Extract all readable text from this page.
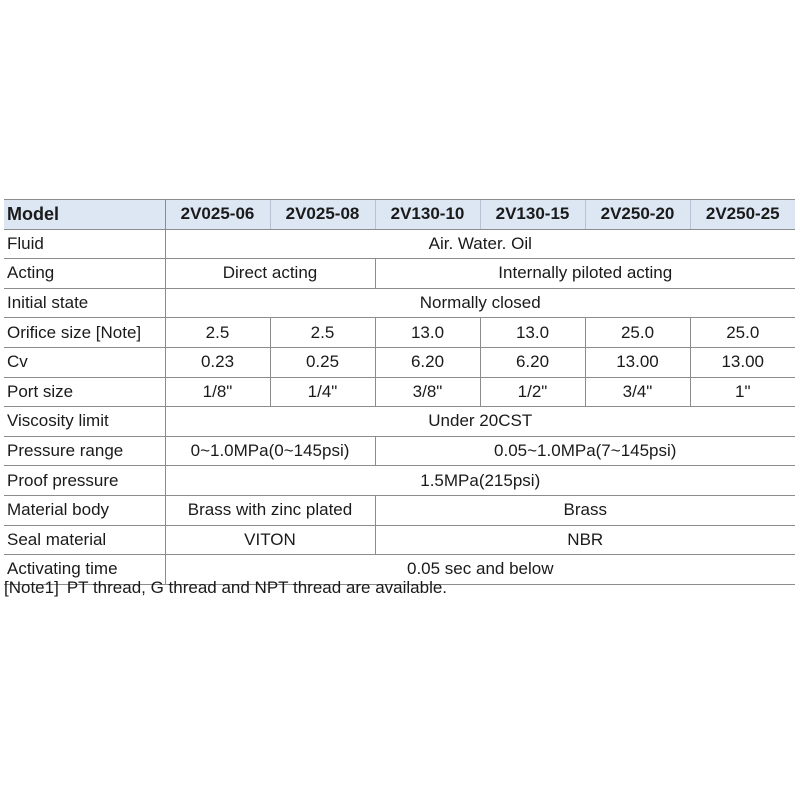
Model	2V025-06	2V025-08	2V130-10	2V130-15	2V250-20	2V250-25
Fluid	Air. Water. Oil					
Acting	Direct acting		Internally piloted acting			
Initial state	Normally closed					
Orifice size [Note]	2.5	2.5	13.0	13.0	25.0	25.0
Cv	0.23	0.25	6.20	6.20	13.00	13.00
Port size	1/8"	1/4"	3/8"	1/2"	3/4"	1"
Viscosity limit	Under 20CST					
Pressure range	0~1.0MPa(0~145psi)		0.05~1.0MPa(7~145psi)			
Proof pressure	1.5MPa(215psi)					
Material body	Brass with zinc plated		Brass			
Seal material	VITON		NBR			
Activating time	0.05 sec and below					
[Note1] PT thread, G thread and NPT thread are available.
